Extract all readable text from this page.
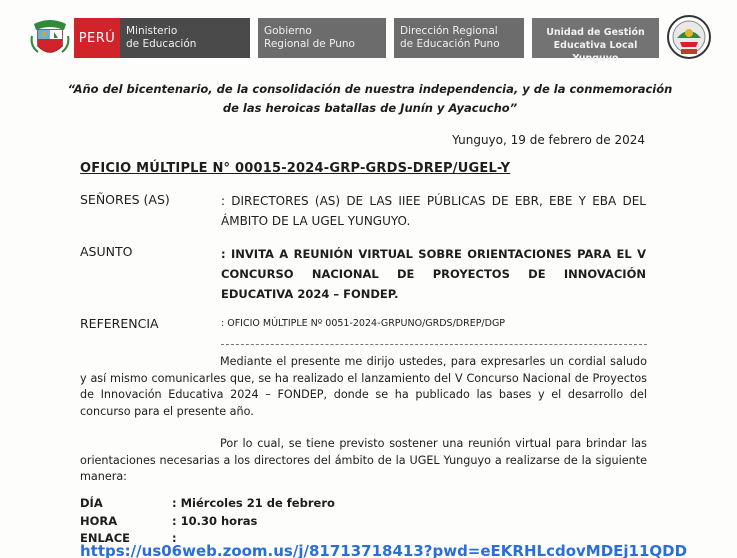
PERÚ	Ministerio
de Educación
Gobierno
Regional de Puno
Dirección Regional
de Educación Puno
Unidad de Gestión
Educativa Local Yunguyo
“Año del bicentenario, de la consolidación de nuestra independencia, y de la conmemoración
de las heroicas batallas de Junín y Ayacucho”
Yunguyo, 19 de febrero de 2024
OFICIO MÚLTIPLE N° 00015-2024-GRP-GRDS-DREP/UGEL-Y
SEÑORES (AS)	: DIRECTORES (AS) DE LAS IIEE PÚBLICAS DE EBR, EBE Y EBA DEL ÁMBITO DE LA UGEL YUNGUYO.
ASUNTO	: INVITA A REUNIÓN VIRTUAL SOBRE ORIENTACIONES PARA EL V CONCURSO NACIONAL DE PROYECTOS DE INNOVACIÓN EDUCATIVA 2024 – FONDEP.
REFERENCIA	: OFICIO MÚLTIPLE Nº 0051-2024-GRPUNO/GRDS/DREP/DGP
Mediante el presente me dirijo ustedes, para expresarles un cordial saludo y así mismo comunicarles que, se ha realizado el lanzamiento del V Concurso Nacional de Proyectos de Innovación Educativa 2024 – FONDEP, donde se ha publicado las bases y el desarrollo del concurso para el presente año.
Por lo cual, se tiene previsto sostener una reunión virtual para brindar las orientaciones necesarias a los directores del ámbito de la UGEL Yunguyo a realizarse de la siguiente manera:
DÍA	: Miércoles 21 de febrero
HORA	: 10.30 horas
ENLACE	:
https://us06web.zoom.us/j/81713718413?pwd=eEKRHLcdovMDEj11QDD
